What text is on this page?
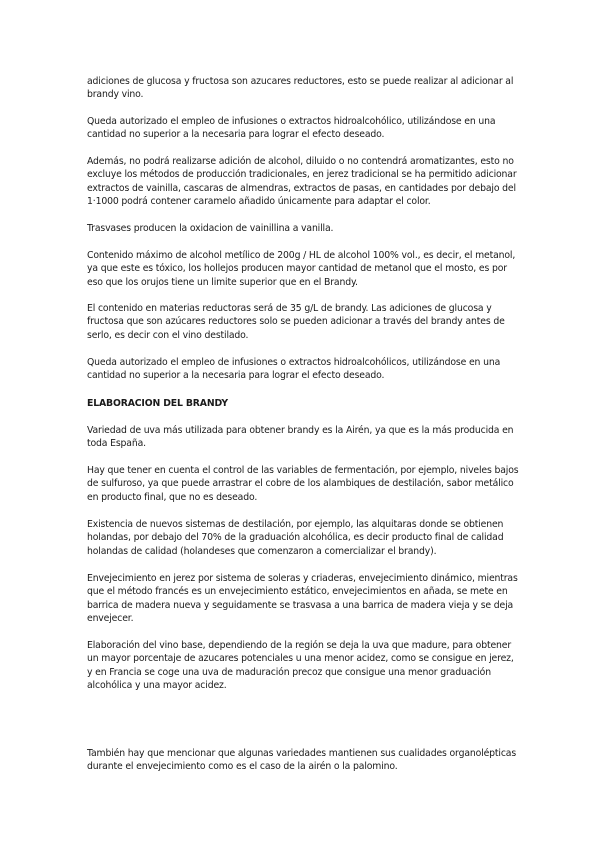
adiciones de glucosa y fructosa son azucares reductores, esto se puede realizar al adicionar al

brandy vino.

Queda autorizado el empleo de infusiones o extractos hidroalcohólico, utilizándose en una

cantidad no superior a la necesaria para lograr el efecto deseado.

Además, no podrá realizarse adición de alcohol, diluido o no contendrá aromatizantes, esto no

excluye los métodos de producción tradicionales, en jerez tradicional se ha permitido adicionar

extractos de vainilla, cascaras de almendras, extractos de pasas, en cantidades por debajo del

1·1000 podrá contener caramelo añadido únicamente para adaptar el color.

Trasvases producen la oxidacion de vainillina a vanilla.

Contenido máximo de alcohol metílico de 200g / HL de alcohol 100% vol., es decir, el metanol,

ya que este es tóxico, los hollejos producen mayor cantidad de metanol que el mosto, es por

eso que los orujos tiene un limite superior que en el Brandy.

El contenido en materias reductoras será de 35 g/L de brandy. Las adiciones de glucosa y

fructosa que son azúcares reductores solo se pueden adicionar a través del brandy antes de

serlo, es decir con el vino destilado.

Queda autorizado el empleo de infusiones o extractos hidroalcohólicos, utilizándose en una

cantidad no superior a la necesaria para lograr el efecto deseado.

ELABORACION DEL BRANDY

Variedad de uva más utilizada para obtener brandy es la Airén, ya que es la más producida en

toda España.

Hay que tener en cuenta el control de las variables de fermentación, por ejemplo, niveles bajos

de sulfuroso, ya que puede arrastrar el cobre de los alambiques de destilación, sabor metálico

en producto final, que no es deseado.

Existencia de nuevos sistemas de destilación, por ejemplo, las alquitaras donde se obtienen

holandas, por debajo del 70% de la graduación alcohólica, es decir producto final de calidad

holandas de calidad (holandeses que comenzaron a comercializar el brandy).

Envejecimiento en jerez por sistema de soleras y criaderas, envejecimiento dinámico, mientras

que el método francés es un envejecimiento estático, envejecimientos en añada, se mete en

barrica de madera nueva y seguidamente se trasvasa a una barrica de madera vieja y se deja

envejecer.

Elaboración del vino base, dependiendo de la región se deja la uva que madure, para obtener

un mayor porcentaje de azucares potenciales u una menor acidez, como se consigue en jerez,

y en Francia se coge una uva de maduración precoz que consigue una menor graduación

alcohólica y una mayor acidez.

También hay que mencionar que algunas variedades mantienen sus cualidades organolépticas

durante el envejecimiento como es el caso de la airén o la palomino.
